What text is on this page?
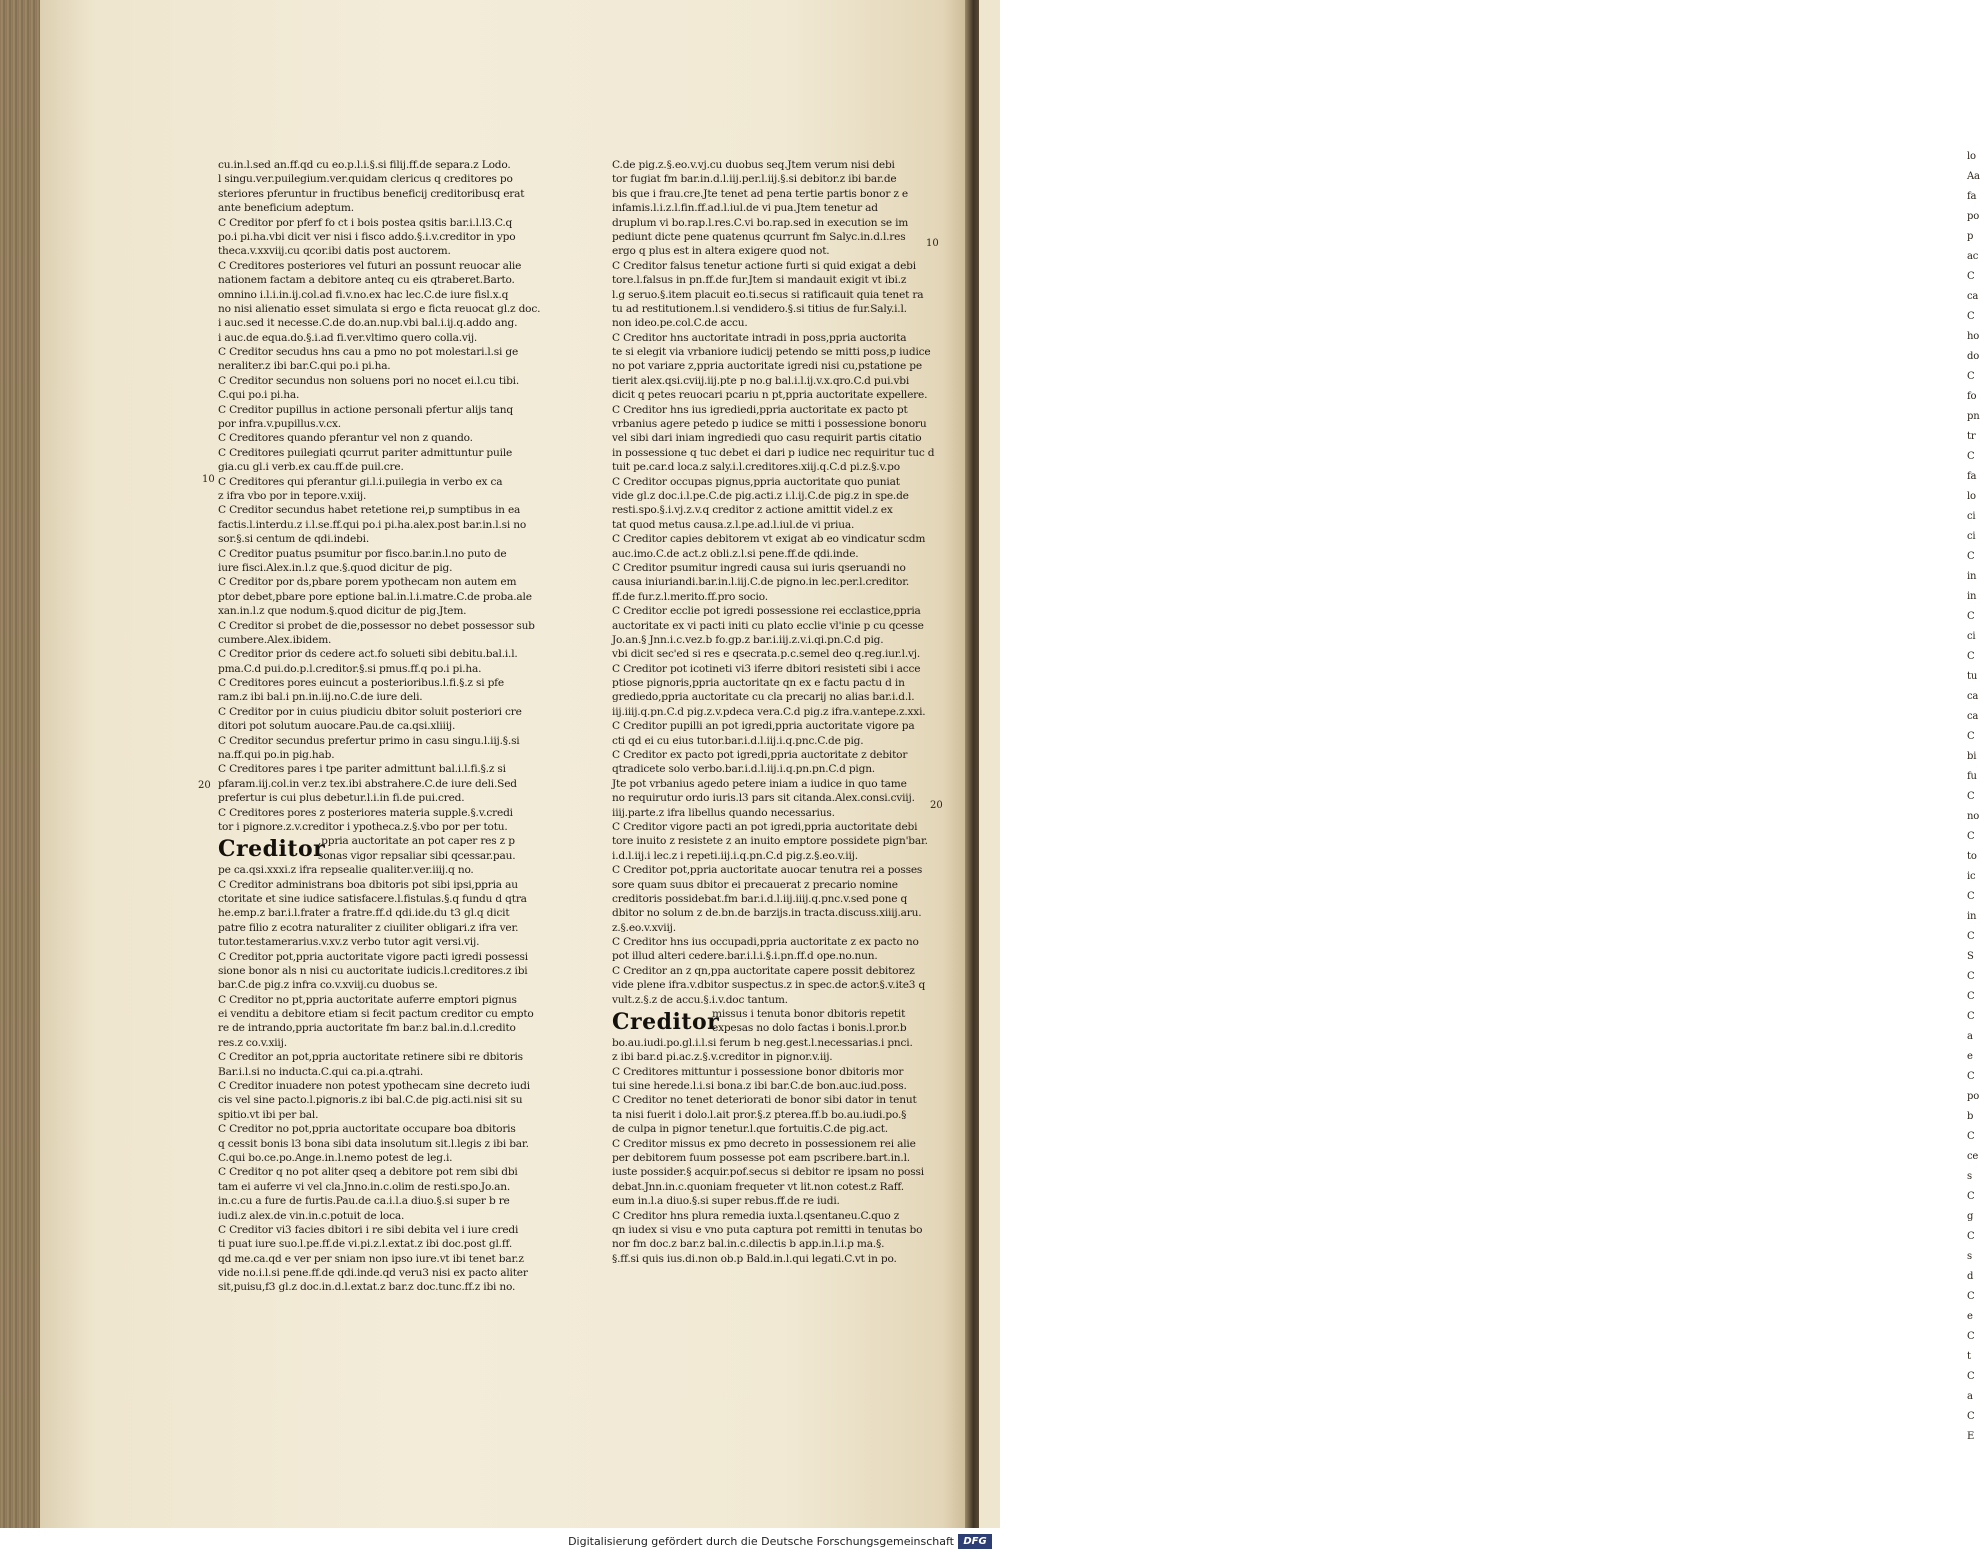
lo
Aa
fa
po
p
ac
C
ca
C
ho
do
C
fo
pn
tr
C
fa
lo
ci
ci
C
in
in
C
ci
C
tu
ca
ca
C
bi
fu
C
no
C
to
ic
C
in
C
S
C
C
C
a
e
C
po
b
C
ce
s
C
g
C
s
d
C
e
C
t
C
a
C
E
cu.in.l.sed an.ff.qd cu eo.p.l.i.§.si filij.ff.de separa.z Lodo.
l singu.ver.puilegium.ver.quidam clericus q creditores po
steriores pferuntur in fructibus beneficij creditoribusq erat
ante beneficium adeptum.
C Creditor por pferf fo ct i bois postea qsitis bar.i.l.l3.C.q
po.i pi.ha.vbi dicit ver nisi i fisco addo.§.i.v.creditor in ypo
theca.v.xxviij.cu qcor.ibi datis post auctorem.
C Creditores posteriores vel futuri an possunt reuocar alie
nationem factam a debitore anteq cu eis qtraberet.Barto.
omnino i.l.i.in.ij.col.ad fi.v.no.ex hac lec.C.de iure fisl.x.q
no nisi alienatio esset simulata si ergo e ficta reuocat gl.z doc.
i auc.sed it necesse.C.de do.an.nup.vbi bal.i.ij.q.addo ang.
i auc.de equa.do.§.i.ad fi.ver.vltimo quero colla.vij.
C Creditor secudus hns cau a pmo no pot molestari.l.si ge
neraliter.z ibi bar.C.qui po.i pi.ha.
C Creditor secundus non soluens pori no nocet ei.l.cu tibi.
C.qui po.i pi.ha.
C Creditor pupillus in actione personali pfertur alijs tanq
por infra.v.pupillus.v.cx.
C Creditores quando pferantur vel non z quando.
C Creditores puilegiati qcurrut pariter admittuntur puile
gia.cu gl.i verb.ex cau.ff.de puil.cre.
C Creditores qui pferantur gi.l.i.puilegia in verbo ex ca
z ifra vbo por in tepore.v.xiij.
C Creditor secundus habet retetione rei,p sumptibus in ea
factis.l.interdu.z i.l.se.ff.qui po.i pi.ha.alex.post bar.in.l.si no
sor.§.si centum de qdi.indebi.
C Creditor puatus psumitur por fisco.bar.in.l.no puto de
iure fisci.Alex.in.l.z que.§.quod dicitur de pig.
C Creditor por ds,pbare porem ypothecam non autem em
ptor debet,pbare pore eptione bal.in.l.i.matre.C.de proba.ale
xan.in.l.z que nodum.§.quod dicitur de pig.Jtem.
C Creditor si probet de die,possessor no debet possessor sub
cumbere.Alex.ibidem.
C Creditor prior ds cedere act.fo solueti sibi debitu.bal.i.l.
pma.C.d pui.do.p.l.creditor.§.si pmus.ff.q po.i pi.ha.
C Creditores pores euincut a posterioribus.l.fi.§.z si pfe
ram.z ibi bal.i pn.in.iij.no.C.de iure deli.
C Creditor por in cuius piudiciu dbitor soluit posteriori cre
ditori pot solutum auocare.Pau.de ca.qsi.xliiij.
C Creditor secundus prefertur primo in casu singu.l.iij.§.si
na.ff.qui po.in pig.hab.
C Creditores pares i tpe pariter admittunt bal.i.l.fi.§.z si
pfaram.iij.col.in ver.z tex.ibi abstrahere.C.de iure deli.Sed
prefertur is cui plus debetur.l.i.in fi.de pui.cred.
C Creditores pores z posteriores materia supple.§.v.credi
tor i pignore.z.v.creditor i ypotheca.z.§.vbo por per totu.
Creditor
,ppria auctoritate an pot caper res z p
sonas vigor repsaliar sibi qcessar.pau.
pe ca.qsi.xxxi.z ifra repsealie qualiter.ver.iiij.q no.
C Creditor administrans boa dbitoris pot sibi ipsi,ppria au
ctoritate et sine iudice satisfacere.l.fistulas.§.q fundu d qtra
he.emp.z bar.i.l.frater a fratre.ff.d qdi.ide.du t3 gl.q dicit
patre filio z ecotra naturaliter z ciuiliter obligari.z ifra ver.
tutor.testamerarius.v.xv.z verbo tutor agit versi.vij.
C Creditor pot,ppria auctoritate vigore pacti igredi possessi
sione bonor als n nisi cu auctoritate iudicis.l.creditores.z ibi
bar.C.de pig.z infra co.v.xviij.cu duobus se.
C Creditor no pt,ppria auctoritate auferre emptori pignus
ei venditu a debitore etiam si fecit pactum creditor cu empto
re de intrando,ppria auctoritate fm bar.z bal.in.d.l.credito
res.z co.v.xiij.
C Creditor an pot,ppria auctoritate retinere sibi re dbitoris
Bar.i.l.si no inducta.C.qui ca.pi.a.qtrahi.
C Creditor inuadere non potest ypothecam sine decreto iudi
cis vel sine pacto.l.pignoris.z ibi bal.C.de pig.acti.nisi sit su
spitio.vt ibi per bal.
C Creditor no pot,ppria auctoritate occupare boa dbitoris
q cessit bonis l3 bona sibi data insolutum sit.l.legis z ibi bar.
C.qui bo.ce.po.Ange.in.l.nemo potest de leg.i.
C Creditor q no pot aliter qseq a debitore pot rem sibi dbi
tam ei auferre vi vel cla.Jnno.in.c.olim de resti.spo.Jo.an.
in.c.cu a fure de furtis.Pau.de ca.i.l.a diuo.§.si super b re
iudi.z alex.de vin.in.c.potuit de loca.
C Creditor vi3 facies dbitori i re sibi debita vel i iure credi
ti puat iure suo.l.pe.ff.de vi.pi.z.l.extat.z ibi doc.post gl.ff.
qd me.ca.qd e ver per sniam non ipso iure.vt ibi tenet bar.z
vide no.i.l.si pene.ff.de qdi.inde.qd veru3 nisi ex pacto aliter
sit,puisu,f3 gl.z doc.in.d.l.extat.z bar.z doc.tunc.ff.z ibi no.
C.de pig.z.§.eo.v.vj.cu duobus seq.Jtem verum nisi debi
tor fugiat fm bar.in.d.l.iij.per.l.iij.§.si debitor.z ibi bar.de
bis que i frau.cre.Jte tenet ad pena tertie partis bonor z e
infamis.l.i.z.l.fin.ff.ad.l.iul.de vi pua.Jtem tenetur ad
druplum vi bo.rap.l.res.C.vi bo.rap.sed in execution se im
pediunt dicte pene quatenus qcurrunt fm Salyc.in.d.l.res
ergo q plus est in altera exigere quod not.
C Creditor falsus tenetur actione furti si quid exigat a debi
tore.l.falsus in pn.ff.de fur.Jtem si mandauit exigit vt ibi.z
l.g seruo.§.item placuit eo.ti.secus si ratificauit quia tenet ra
tu ad restitutionem.l.si vendidero.§.si titius de fur.Saly.i.l.
non ideo.pe.col.C.de accu.
C Creditor hns auctoritate intradi in poss,ppria auctorita
te si elegit via vrbaniore iudicij petendo se mitti poss,p iudice
no pot variare z,ppria auctoritate igredi nisi cu,pstatione pe
tierit alex.qsi.cviij.iij.pte p no.g bal.i.l.ij.v.x.qro.C.d pui.vbi
dicit q petes reuocari pcariu n pt,ppria auctoritate expellere.
C Creditor hns ius igrediedi,ppria auctoritate ex pacto pt
vrbanius agere petedo p iudice se mitti i possessione bonoru
vel sibi dari iniam ingrediedi quo casu requirit partis citatio
in possessione q tuc debet ei dari p iudice nec requiritur tuc d
tuit pe.car.d loca.z saly.i.l.creditores.xiij.q.C.d pi.z.§.v.po
C Creditor occupas pignus,ppria auctoritate quo puniat
vide gl.z doc.i.l.pe.C.de pig.acti.z i.l.ij.C.de pig.z in spe.de
resti.spo.§.i.vj.z.v.q creditor z actione amittit videl.z ex
tat quod metus causa.z.l.pe.ad.l.iul.de vi priua.
C Creditor capies debitorem vt exigat ab eo vindicatur scdm
auc.imo.C.de act.z obli.z.l.si pene.ff.de qdi.inde.
C Creditor psumitur ingredi causa sui iuris qseruandi no
causa iniuriandi.bar.in.l.iij.C.de pigno.in lec.per.l.creditor.
ff.de fur.z.l.merito.ff.pro socio.
C Creditor ecclie pot igredi possessione rei ecclastice,ppria
auctoritate ex vi pacti initi cu plato ecclie vl'inie p cu qcesse
Jo.an.§ Jnn.i.c.vez.b fo.gp.z bar.i.iij.z.v.i.qi.pn.C.d pig.
vbi dicit sec'ed si res e qsecrata.p.c.semel deo q.reg.iur.l.vj.
C Creditor pot icotineti vi3 iferre dbitori resisteti sibi i acce
ptiose pignoris,ppria auctoritate qn ex e factu pactu d in
grediedo,ppria auctoritate cu cla precarij no alias bar.i.d.l.
iij.iiij.q.pn.C.d pig.z.v.pdeca vera.C.d pig.z ifra.v.antepe.z.xxi.
C Creditor pupilli an pot igredi,ppria auctoritate vigore pa
cti qd ei cu eius tutor.bar.i.d.l.iij.i.q.pnc.C.de pig.
C Creditor ex pacto pot igredi,ppria auctoritate z debitor
qtradicete solo verbo.bar.i.d.l.iij.i.q.pn.pn.C.d pign.
Jte pot vrbanius agedo petere iniam a iudice in quo tame
no requirutur ordo iuris.l3 pars sit citanda.Alex.consi.cviij.
iiij.parte.z ifra libellus quando necessarius.
C Creditor vigore pacti an pot igredi,ppria auctoritate debi
tore inuito z resistete z an inuito emptore possidete pign'bar.
i.d.l.iij.i lec.z i repeti.iij.i.q.pn.C.d pig.z.§.eo.v.iij.
C Creditor pot,ppria auctoritate auocar tenutra rei a posses
sore quam suus dbitor ei precauerat z precario nomine
creditoris possidebat.fm bar.i.d.l.iij.iiij.q.pnc.v.sed pone q
dbitor no solum z de.bn.de barzijs.in tracta.discuss.xiiij.aru.
z.§.eo.v.xviij.
C Creditor hns ius occupadi,ppria auctoritate z ex pacto no
pot illud alteri cedere.bar.i.l.i.§.i.pn.ff.d ope.no.nun.
C Creditor an z qn,ppa auctoritate capere possit debitorez
vide plene ifra.v.dbitor suspectus.z in spec.de actor.§.v.ite3 q
vult.z.§.z de accu.§.i.v.doc tantum.
Creditor
missus i tenuta bonor dbitoris repetit
expesas no dolo factas i bonis.l.pror.b
bo.au.iudi.po.gl.i.l.si ferum b neg.gest.l.necessarias.i pnci.
z ibi bar.d pi.ac.z.§.v.creditor in pignor.v.iij.
C Creditores mittuntur i possessione bonor dbitoris mor
tui sine herede.l.i.si bona.z ibi bar.C.de bon.auc.iud.poss.
C Creditor no tenet deteriorati de bonor sibi dator in tenut
ta nisi fuerit i dolo.l.ait pror.§.z pterea.ff.b bo.au.iudi.po.§
de culpa in pignor tenetur.l.que fortuitis.C.de pig.act.
C Creditor missus ex pmo decreto in possessionem rei alie
per debitorem fuum possesse pot eam pscribere.bart.in.l.
iuste possider.§ acquir.pof.secus si debitor re ipsam no possi
debat.Jnn.in.c.quoniam frequeter vt lit.non cotest.z Raff.
eum in.l.a diuo.§.si super rebus.ff.de re iudi.
C Creditor hns plura remedia iuxta.l.qsentaneu.C.quo z
qn iudex si visu e vno puta captura pot remitti in tenutas bo
nor fm doc.z bar.z bal.in.c.dilectis b app.in.l.i.p ma.§.
§.ff.si quis ius.di.non ob.p Bald.in.l.qui legati.C.vt in po.
10
20
10
20
Digitalisierung gefördert durch die Deutsche Forschungsgemeinschaft DFG
